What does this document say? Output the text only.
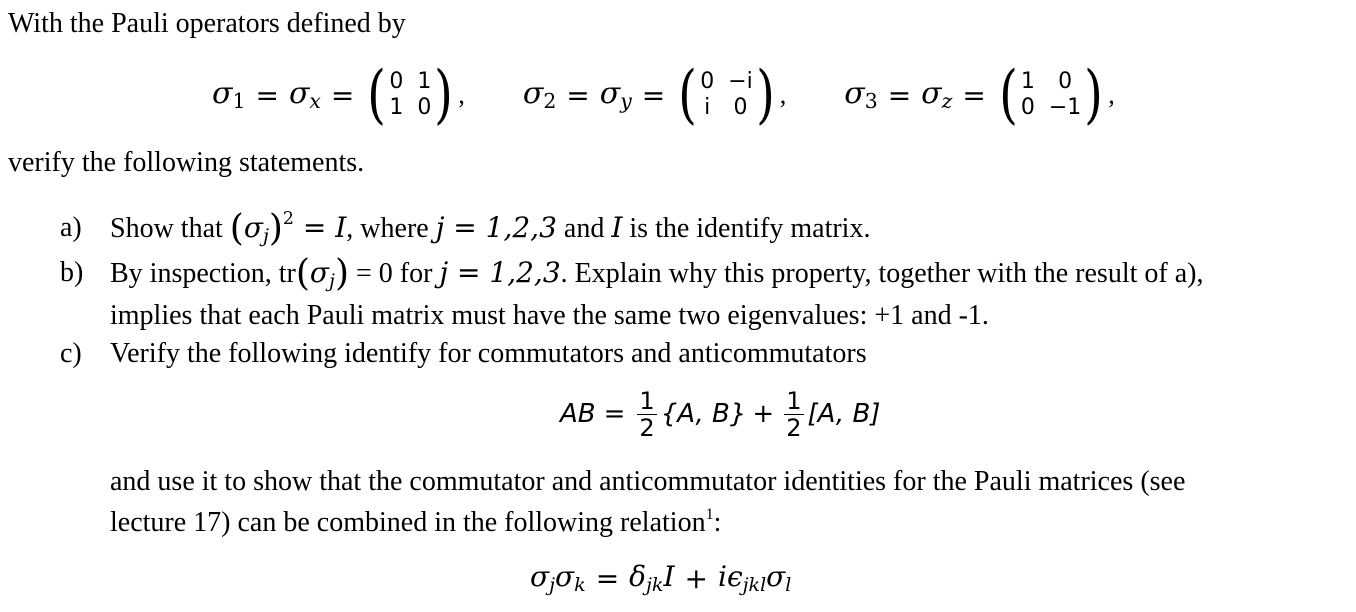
With the Pauli operators defined by
$\sigma_1 = \sigma_x$ = ( 0 1
1 0 ) , $\sigma_2 = \sigma_y$ = ( 0 −i
i 0 ) , $\sigma_3 = \sigma_z$ = ( 1	0
0 −1 ) ,
verify the following statements.
a) Show that $(\sigma_j)^2 = I$, where j = 1,2,3 and I is the identify matrix.
b) By inspection, $tr(\sigma_j) = 0$ for j = 1,2,3. Explain why this property, together with the result of a),
implies that each Pauli matrix must have the same two eigenvalues: +1 and -1.
c) Verify the following identify for commutators and anticommutators
AB = $\frac{1}{2} \{A$, $B\} + \frac{1}{2} [A$, B]
and use it to show that the commutator and anticommutator identities for the Pauli matrices (see
lecture 17) can be combined in the following relation$^1$:
$\sigma_j\sigma_k = \delta_{jk}I + i\epsilon_{jkl}\sigma_l$
